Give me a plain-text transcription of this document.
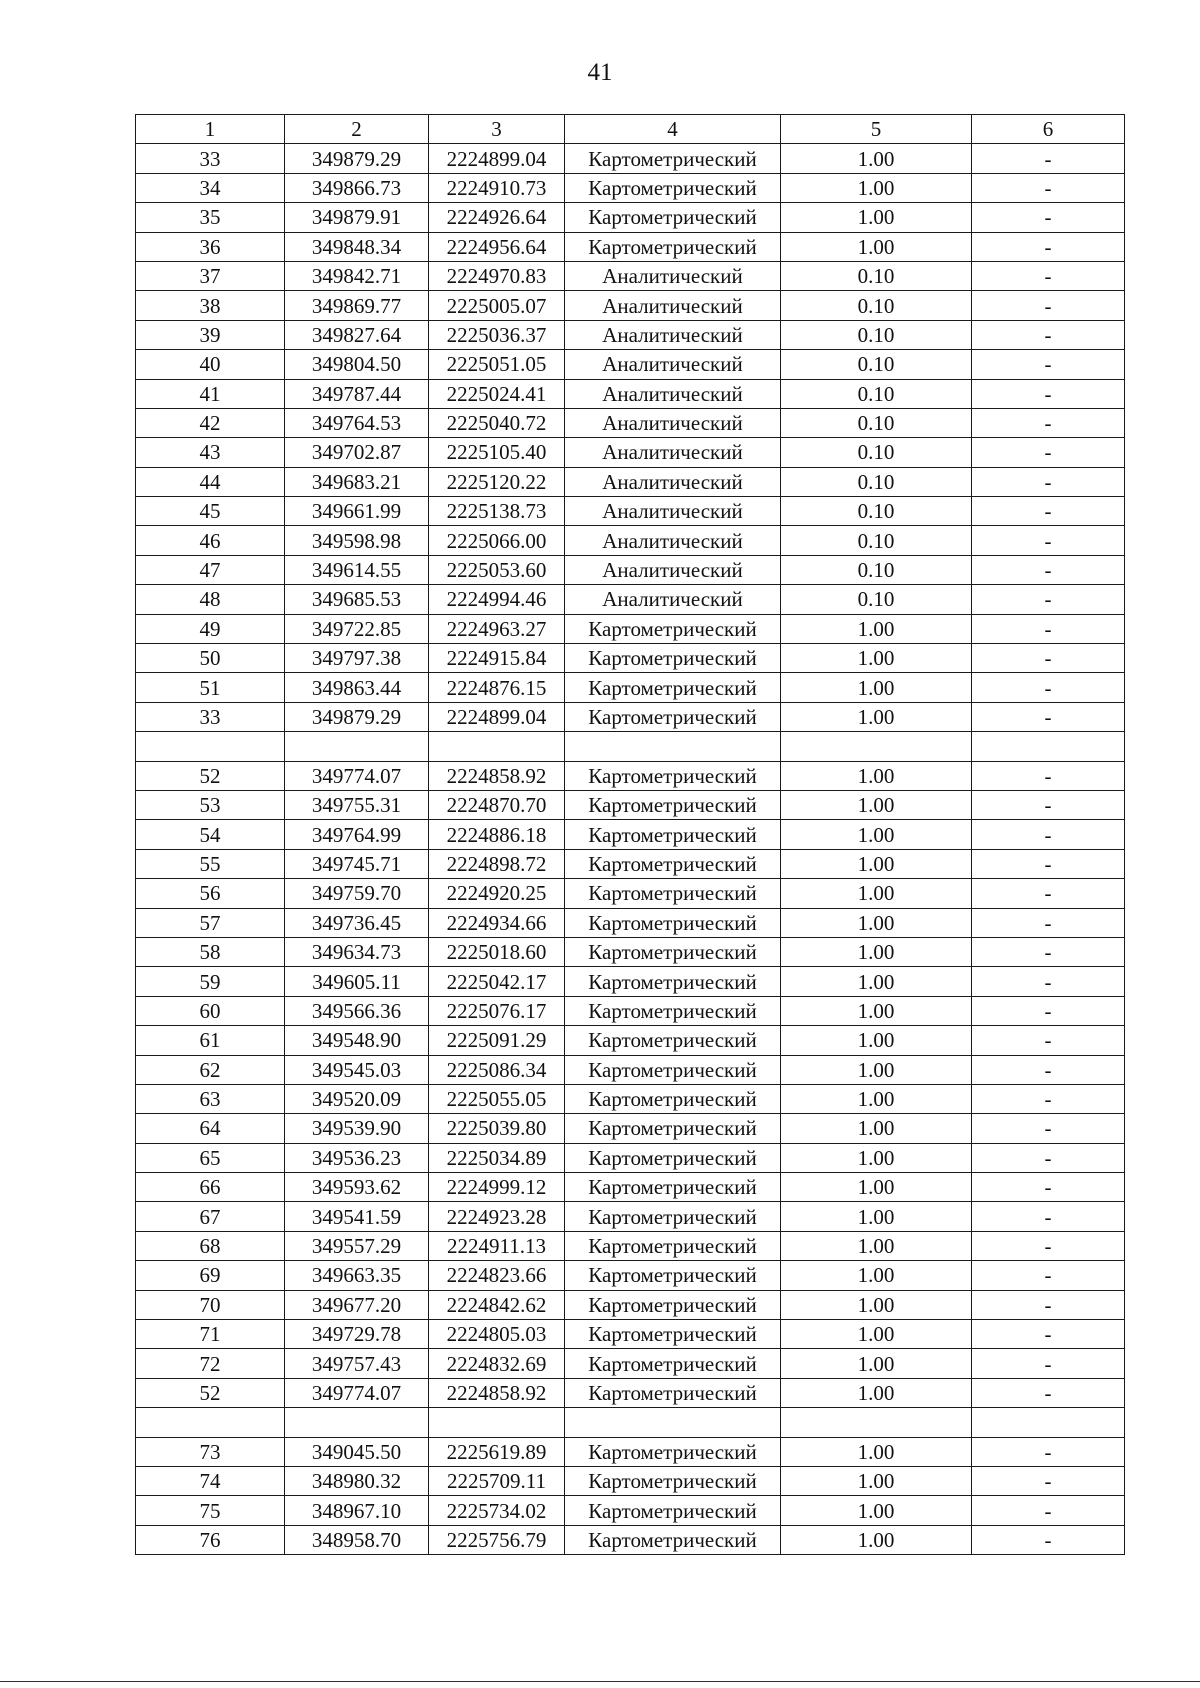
41
1	2	3	4	5	6
33	349879.29	2224899.04	Картометрический	1.00	-
34	349866.73	2224910.73	Картометрический	1.00	-
35	349879.91	2224926.64	Картометрический	1.00	-
36	349848.34	2224956.64	Картометрический	1.00	-
37	349842.71	2224970.83	Аналитический	0.10	-
38	349869.77	2225005.07	Аналитический	0.10	-
39	349827.64	2225036.37	Аналитический	0.10	-
40	349804.50	2225051.05	Аналитический	0.10	-
41	349787.44	2225024.41	Аналитический	0.10	-
42	349764.53	2225040.72	Аналитический	0.10	-
43	349702.87	2225105.40	Аналитический	0.10	-
44	349683.21	2225120.22	Аналитический	0.10	-
45	349661.99	2225138.73	Аналитический	0.10	-
46	349598.98	2225066.00	Аналитический	0.10	-
47	349614.55	2225053.60	Аналитический	0.10	-
48	349685.53	2224994.46	Аналитический	0.10	-
49	349722.85	2224963.27	Картометрический	1.00	-
50	349797.38	2224915.84	Картометрический	1.00	-
51	349863.44	2224876.15	Картометрический	1.00	-
33	349879.29	2224899.04	Картометрический	1.00	-

52	349774.07	2224858.92	Картометрический	1.00	-
53	349755.31	2224870.70	Картометрический	1.00	-
54	349764.99	2224886.18	Картометрический	1.00	-
55	349745.71	2224898.72	Картометрический	1.00	-
56	349759.70	2224920.25	Картометрический	1.00	-
57	349736.45	2224934.66	Картометрический	1.00	-
58	349634.73	2225018.60	Картометрический	1.00	-
59	349605.11	2225042.17	Картометрический	1.00	-
60	349566.36	2225076.17	Картометрический	1.00	-
61	349548.90	2225091.29	Картометрический	1.00	-
62	349545.03	2225086.34	Картометрический	1.00	-
63	349520.09	2225055.05	Картометрический	1.00	-
64	349539.90	2225039.80	Картометрический	1.00	-
65	349536.23	2225034.89	Картометрический	1.00	-
66	349593.62	2224999.12	Картометрический	1.00	-
67	349541.59	2224923.28	Картометрический	1.00	-
68	349557.29	2224911.13	Картометрический	1.00	-
69	349663.35	2224823.66	Картометрический	1.00	-
70	349677.20	2224842.62	Картометрический	1.00	-
71	349729.78	2224805.03	Картометрический	1.00	-
72	349757.43	2224832.69	Картометрический	1.00	-
52	349774.07	2224858.92	Картометрический	1.00	-

73	349045.50	2225619.89	Картометрический	1.00	-
74	348980.32	2225709.11	Картометрический	1.00	-
75	348967.10	2225734.02	Картометрический	1.00	-
76	348958.70	2225756.79	Картометрический	1.00	-
